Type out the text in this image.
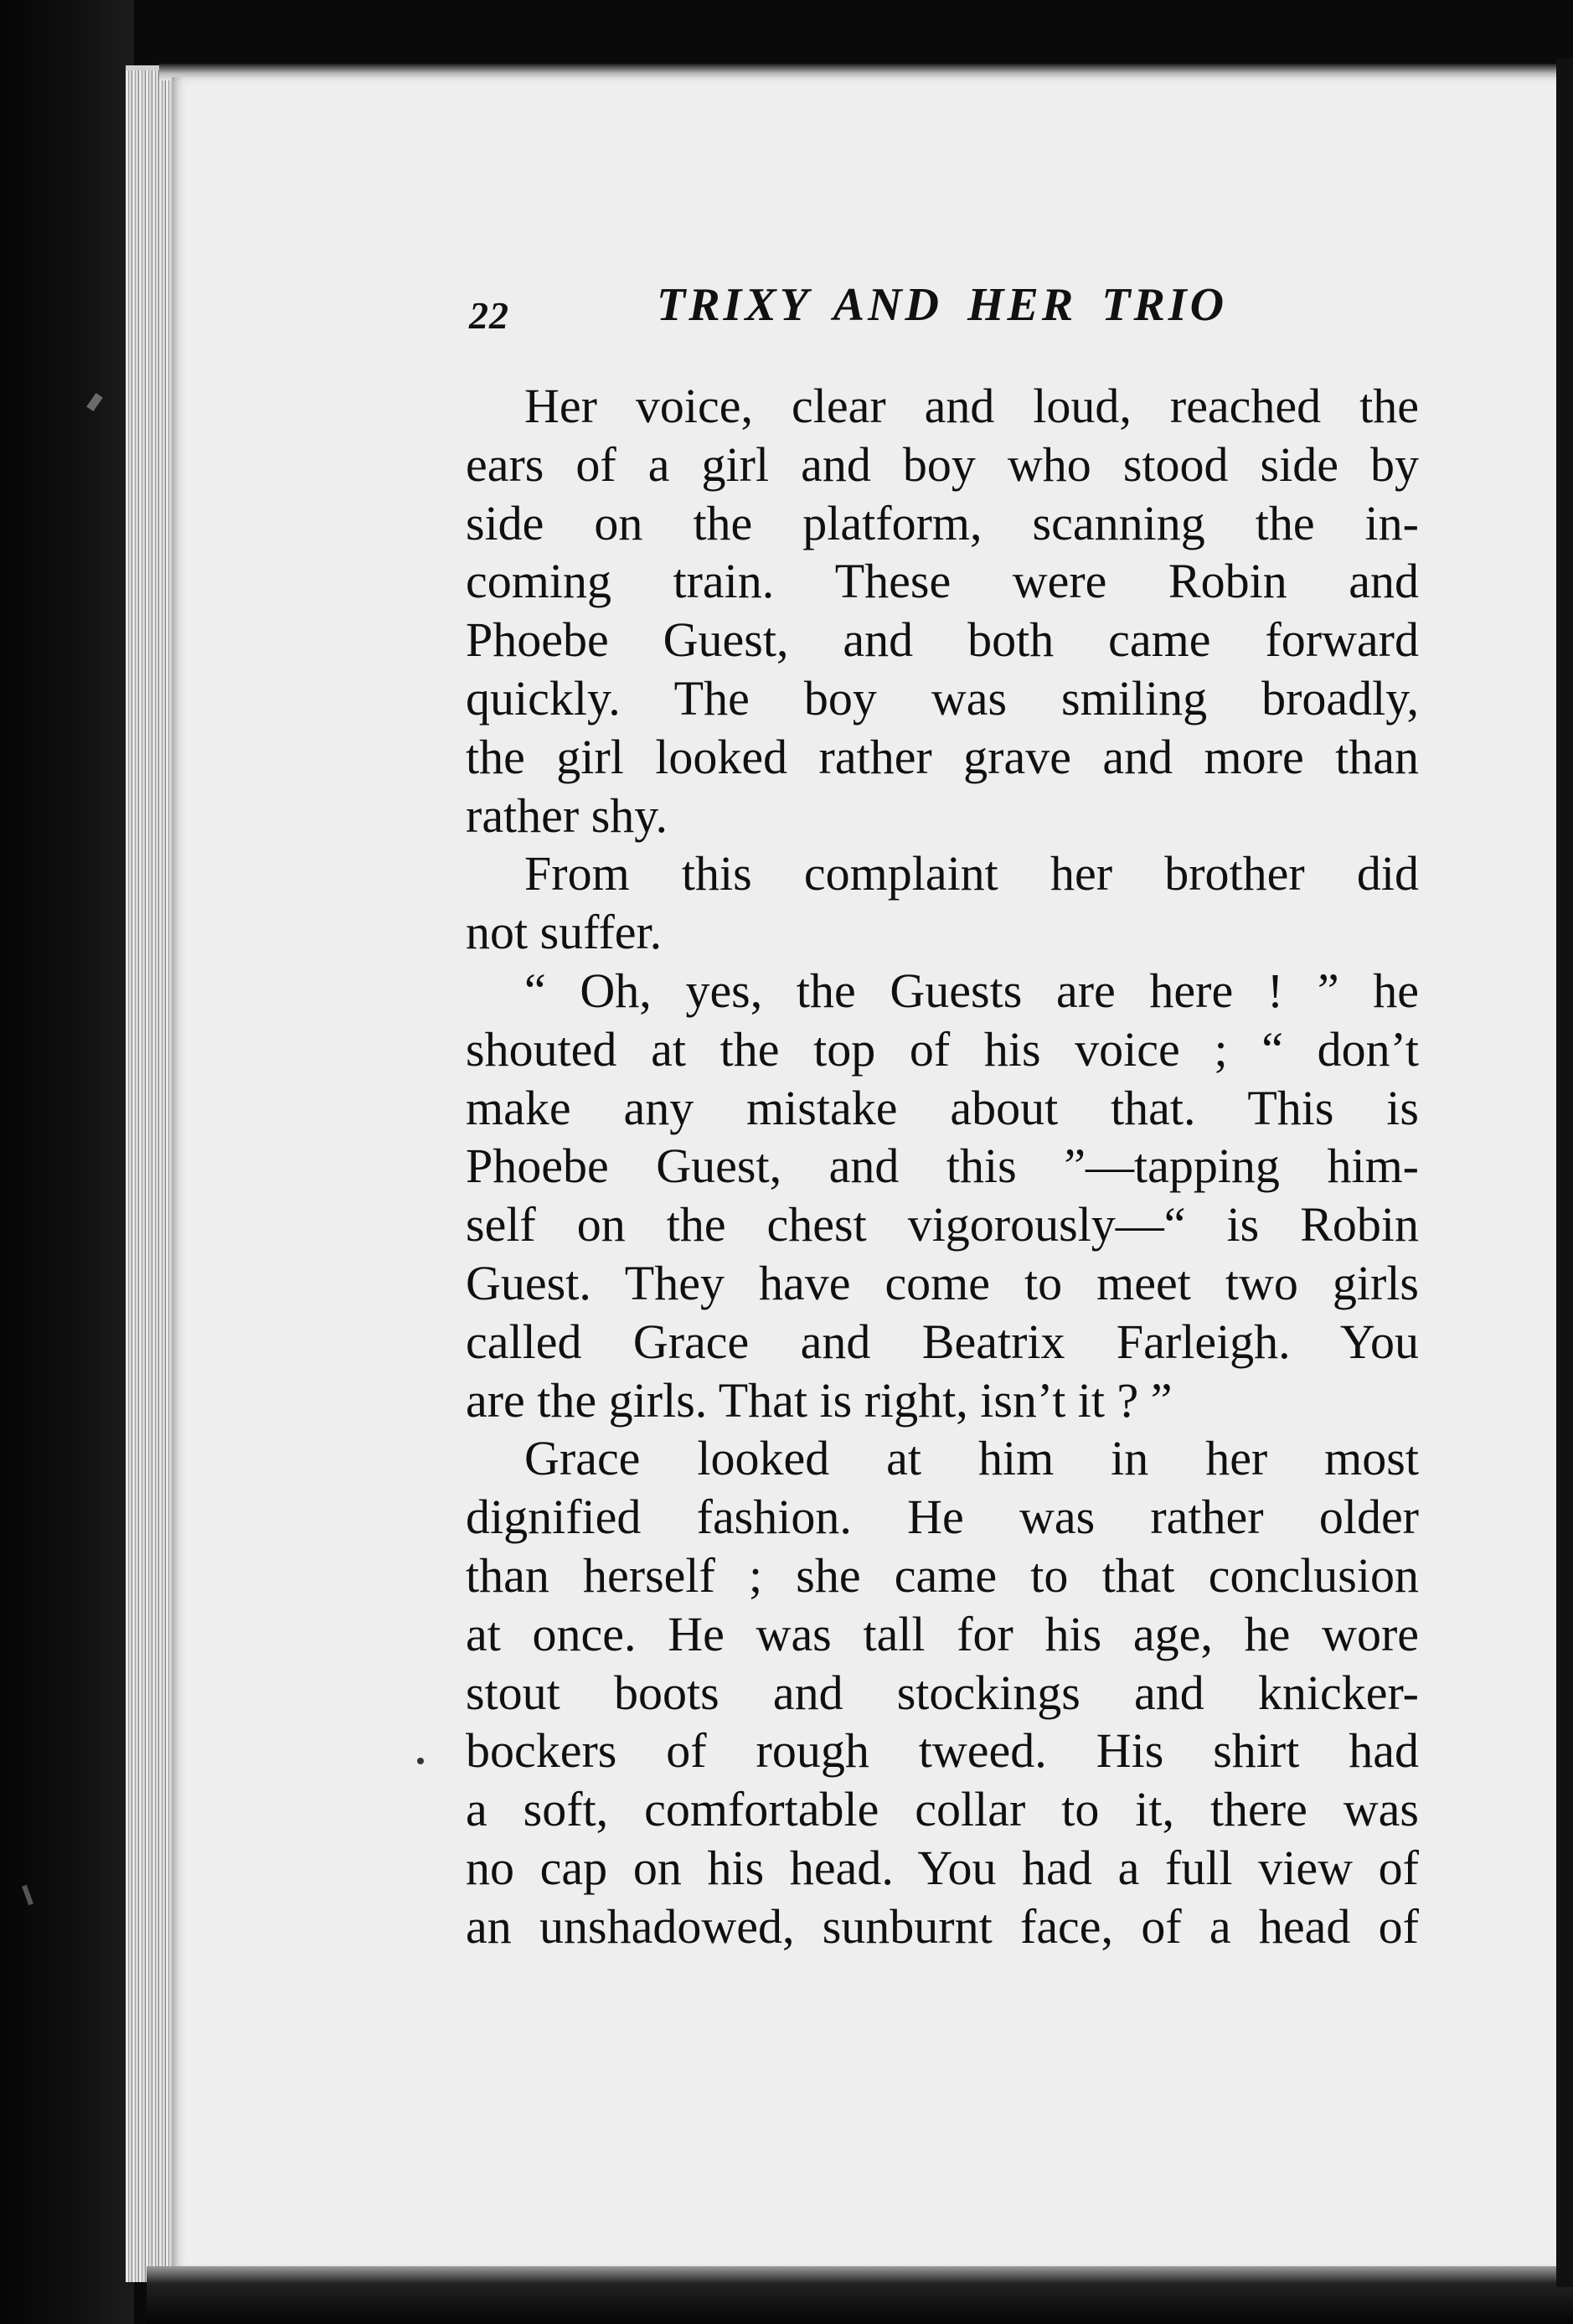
22	TRIXY AND HER TRIO
Her voice, clear and loud, reached the
ears of a girl and boy who stood side by
side on the platform, scanning the in-
coming train. These were Robin and
Phoebe Guest, and both came forward
quickly. The boy was smiling broadly,
the girl looked rather grave and more than
rather shy.
From this complaint her brother did
not suffer.
“ Oh, yes, the Guests are here ! ” he
shouted at the top of his voice ; “ don’t
make any mistake about that. This is
Phoebe Guest, and this ”—tapping him-
self on the chest vigorously—“ is Robin
Guest. They have come to meet two girls
called Grace and Beatrix Farleigh. You
are the girls. That is right, isn’t it ? ”
Grace looked at him in her most
dignified fashion. He was rather older
than herself ; she came to that conclusion
at once. He was tall for his age, he wore
stout boots and stockings and knicker-
bockers of rough tweed. His shirt had
a soft, comfortable collar to it, there was
no cap on his head. You had a full view of
an unshadowed, sunburnt face, of a head of
